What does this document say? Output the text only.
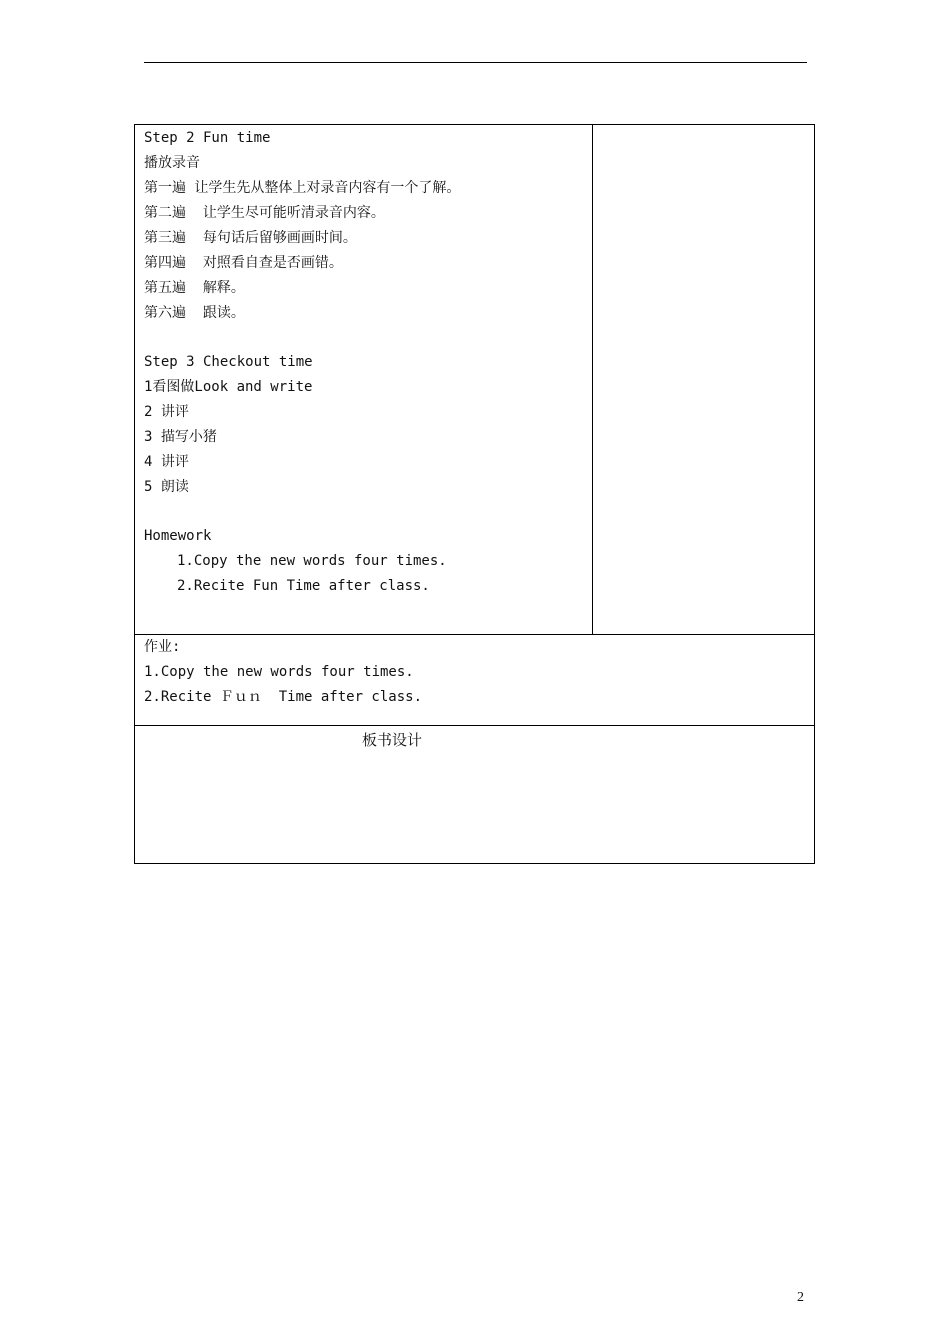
Step 2 Fun time
播放录音
第一遍 让学生先从整体上对录音内容有一个了解。
第二遍  让学生尽可能听清录音内容。
第三遍  每句话后留够画画时间。
第四遍  对照看自查是否画错。
第五遍  解释。
第六遍  跟读。
Step 3 Checkout time
1看图做Look and write
2 讲评
3 描写小猪
4 讲评
5 朗读
Homework
1.Copy the new words four times.
2.Recite Fun Time after class.
作业:
1.Copy the new words four times.
2.Recite Ｆｕｎ  Time after class.
板书设计
2
